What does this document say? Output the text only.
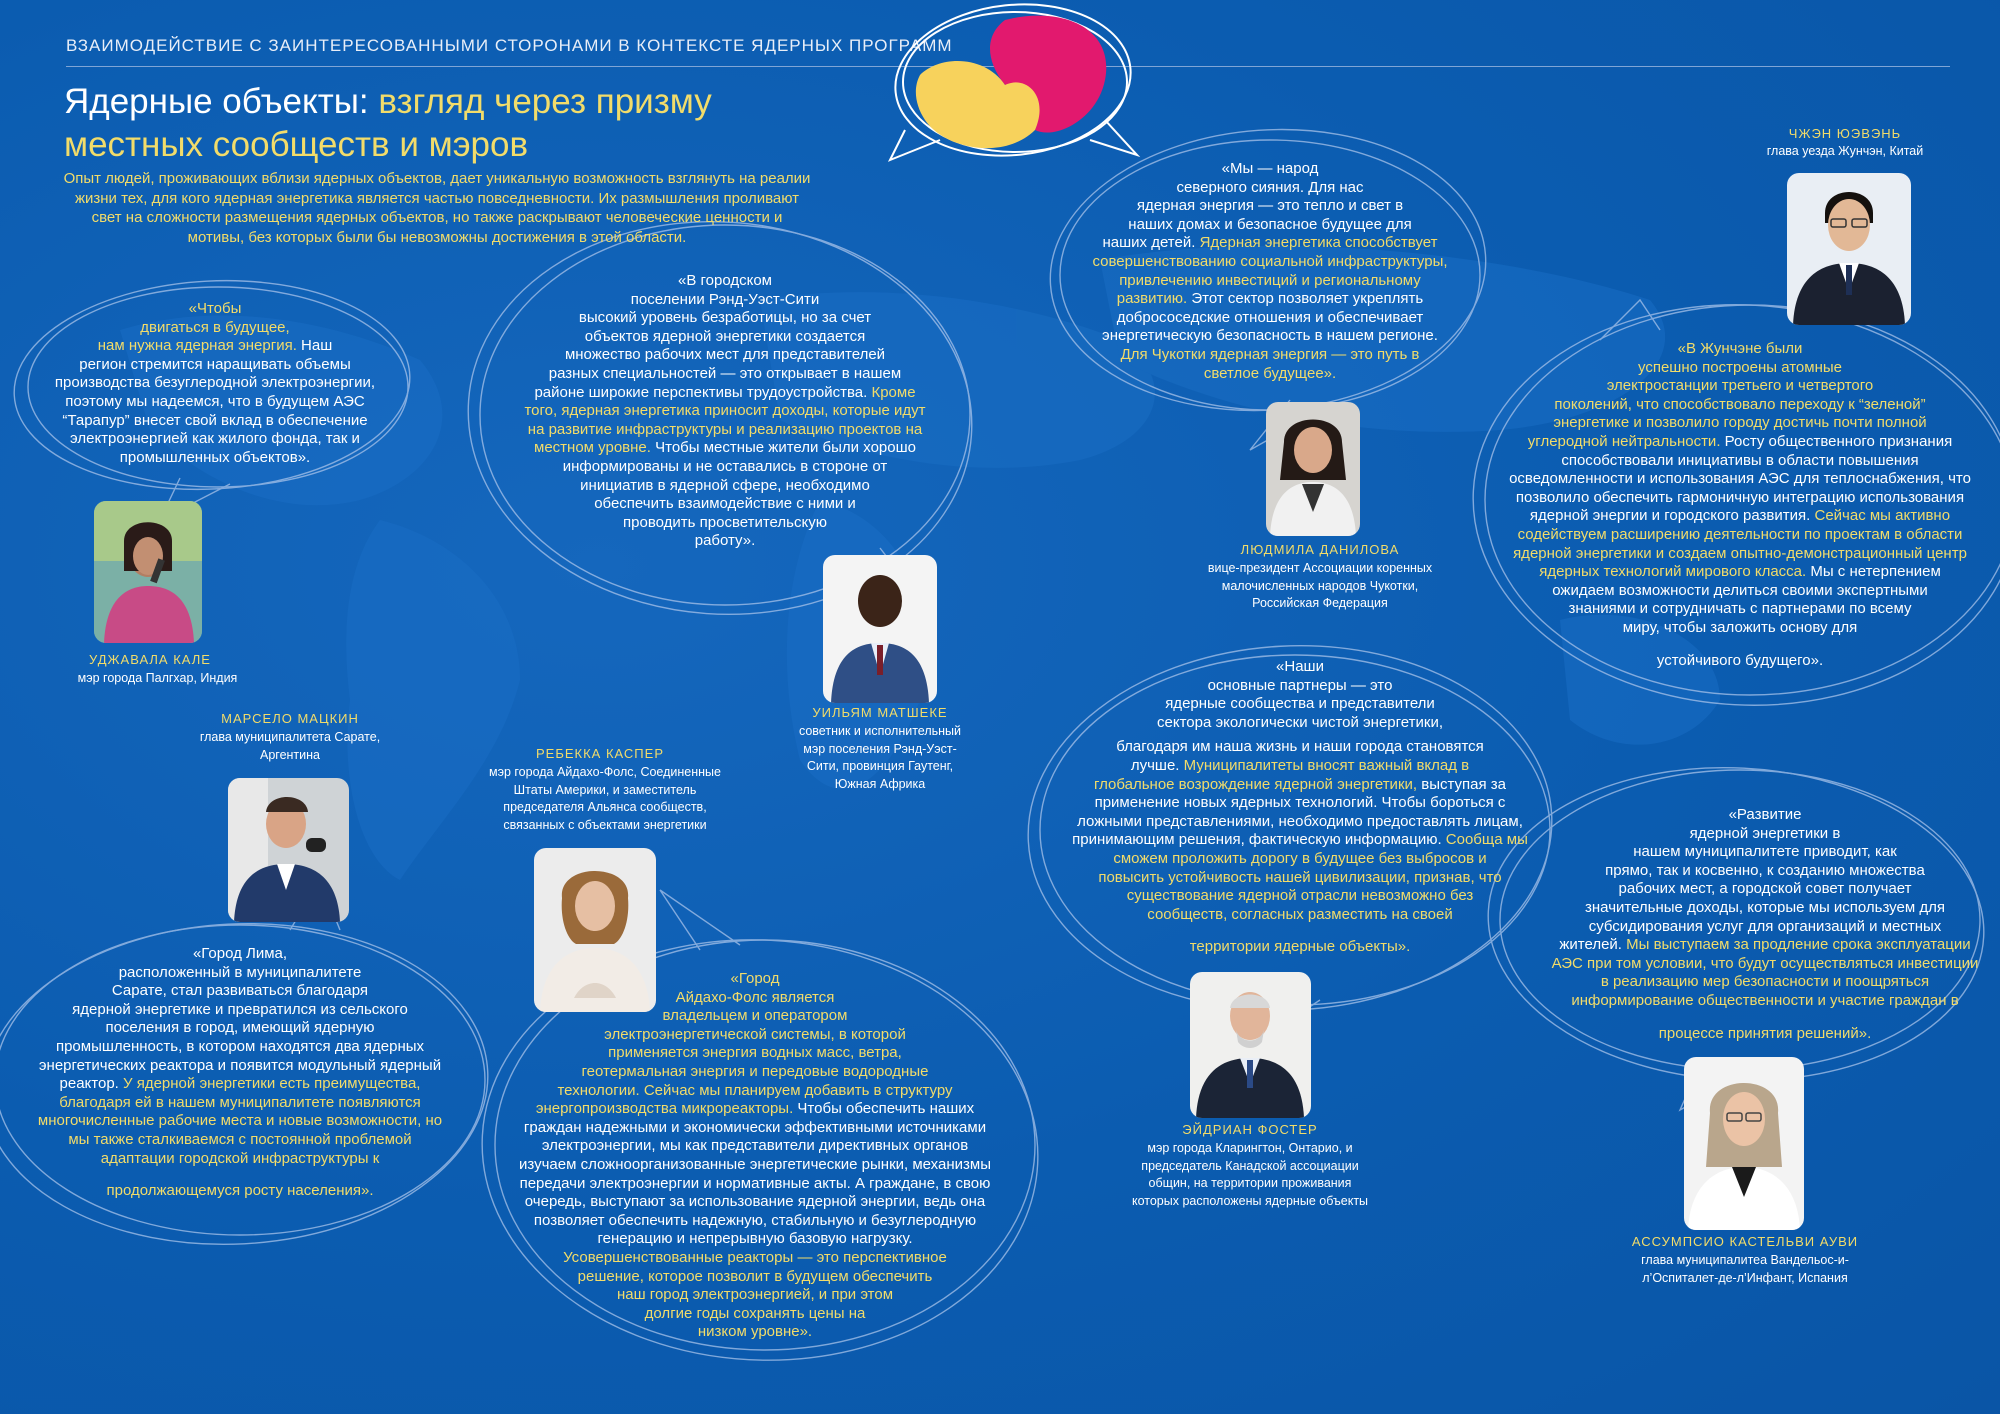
ВЗАИМОДЕЙСТВИЕ С ЗАИНТЕРЕСОВАННЫМИ СТОРОНАМИ В КОНТЕКСТЕ ЯДЕРНЫХ ПРОГРАММ
Ядерные объекты: взгляд через призму
местных сообществ и мэров
Опыт людей, проживающих вблизи ядерных объектов, дает уникальную возможность взглянуть на реалии жизни тех, для кого ядерная энергетика является частью повседневности. Их размышления проливают свет на сложности размещения ядерных объектов, но также раскрывают человеческие ценности и мотивы, без которых были бы невозможны достижения в этой области.
«Чтобы
двигаться в будущее,
нам нужна ядерная энергия. Наш
регион стремится наращивать объемы
производства безуглеродной электроэнергии,
поэтому мы надеемся, что в будущем АЭС
“Тарапур” внесет свой вклад в обеспечение
электроэнергией как жилого фонда, так и
промышленных объектов».
УДЖАВАЛА КАЛЕ
мэр города Палгхар, Индия
«В городском
поселении Рэнд-Уэст-Сити
высокий уровень безработицы, но за счет
объектов ядерной энергетики создается
множество рабочих мест для представителей
разных специальностей — это открывает в нашем
районе широкие перспективы трудоустройства. Кроме
того, ядерная энергетика приносит доходы, которые идут
на развитие инфраструктуры и реализацию проектов на
местном уровне. Чтобы местные жители были хорошо
информированы и не оставались в стороне от
инициатив в ядерной сфере, необходимо
обеспечить взаимодействие с ними и
проводить просветительскую
работу».
УИЛЬЯМ МАТШЕКЕ
советник и исполнительный
мэр поселения Рэнд-Уэст-
Сити, провинция Гаутенг,
Южная Африка
«Мы — народ
северного сияния. Для нас
ядерная энергия — это тепло и свет в
наших домах и безопасное будущее для
наших детей. Ядерная энергетика способствует
совершенствованию социальной инфраструктуры,
привлечению инвестиций и региональному
развитию. Этот сектор позволяет укреплять
добрососедские отношения и обеспечивает
энергетическую безопасность в нашем регионе.
Для Чукотки ядерная энергия — это путь в
светлое будущее».
ЛЮДМИЛА ДАНИЛОВА
вице-президент Ассоциации коренных
малочисленных народов Чукотки,
Российская Федерация
ЧЖЭН ЮЭВЭНЬ
глава уезда Жунчэн, Китай
«В Жунчэне были
успешно построены атомные
электростанции третьего и четвертого
поколений, что способствовало переходу к “зеленой”
энергетике и позволило городу достичь почти полной
углеродной нейтральности. Росту общественного признания
способствовали инициативы в области повышения
осведомленности и использования АЭС для теплоснабжения, что
позволило обеспечить гармоничную интеграцию использования
ядерной энергии и городского развития. Сейчас мы активно
содействуем расширению деятельности по проектам в области
ядерной энергетики и создаем опытно-демонстрационный центр
ядерных технологий мирового класса. Мы с нетерпением
ожидаем возможности делиться своими экспертными
знаниями и сотрудничать с партнерами по всему
миру, чтобы заложить основу для
устойчивого будущего».
МАРСЕЛО МАЦКИН
глава муниципалитета Сарате,
Аргентина
«Город Лима,
расположенный в муниципалитете
Сарате, стал развиваться благодаря
ядерной энергетике и превратился из сельского
поселения в город, имеющий ядерную
промышленность, в котором находятся два ядерных
энергетических реактора и появится модульный ядерный
реактор. У ядерной энергетики есть преимущества,
благодаря ей в нашем муниципалитете появляются
многочисленные рабочие места и новые возможности, но
мы также сталкиваемся с постоянной проблемой
адаптации городской инфраструктуры к
продолжающемуся росту населения».
РЕБЕККА КАСПЕР
мэр города Айдахо-Фолс, Соединенные
Штаты Америки, и заместитель
председателя Альянса сообществ,
связанных с объектами энергетики
«Город
Айдахо-Фолс является
владельцем и оператором
электроэнергетической системы, в которой
применяется энергия водных масс, ветра,
геотермальная энергия и передовые водородные
технологии. Сейчас мы планируем добавить в структуру
энергопроизводства микрореакторы. Чтобы обеспечить наших
граждан надежными и экономически эффективными источниками
электроэнергии, мы как представители директивных органов
изучаем сложноорганизованные энергетические рынки, механизмы
передачи электроэнергии и нормативные акты. А граждане, в свою
очередь, выступают за использование ядерной энергии, ведь она
позволяет обеспечить надежную, стабильную и безуглеродную
генерацию и непрерывную базовую нагрузку.
Усовершенствованные реакторы — это перспективное
решение, которое позволит в будущем обеспечить
наш город электроэнергией, и при этом
долгие годы сохранять цены на
низком уровне».
«Наши
основные партнеры — это
ядерные сообщества и представители
сектора экологически чистой энергетики,
благодаря им наша жизнь и наши города становятся
лучше. Муниципалитеты вносят важный вклад в
глобальное возрождение ядерной энергетики, выступая за
применение новых ядерных технологий. Чтобы бороться с
ложными представлениями, необходимо предоставлять лицам,
принимающим решения, фактическую информацию. Сообща мы
сможем проложить дорогу в будущее без выбросов и
повысить устойчивость нашей цивилизации, признав, что
существование ядерной отрасли невозможно без
сообществ, согласных разместить на своей
территории ядерные объекты».
ЭЙДРИАН ФОСТЕР
мэр города Кларингтон, Онтарио, и
председатель Канадской ассоциации
общин, на территории проживания
которых расположены ядерные объекты
«Развитие
ядерной энергетики в
нашем муниципалитете приводит, как
прямо, так и косвенно, к созданию множества
рабочих мест, а городской совет получает
значительные доходы, которые мы используем для
субсидирования услуг для организаций и местных
жителей. Мы выступаем за продление срока эксплуатации
АЭС при том условии, что будут осуществляться инвестиции
в реализацию мер безопасности и поощряться
информирование общественности и участие граждан в
процессе принятия решений».
АССУМПСИО КАСТЕЛЬВИ АУВИ
глава муниципалитеа Вандельос-и-
л’Оспиталет-де-л’Инфант, Испания
